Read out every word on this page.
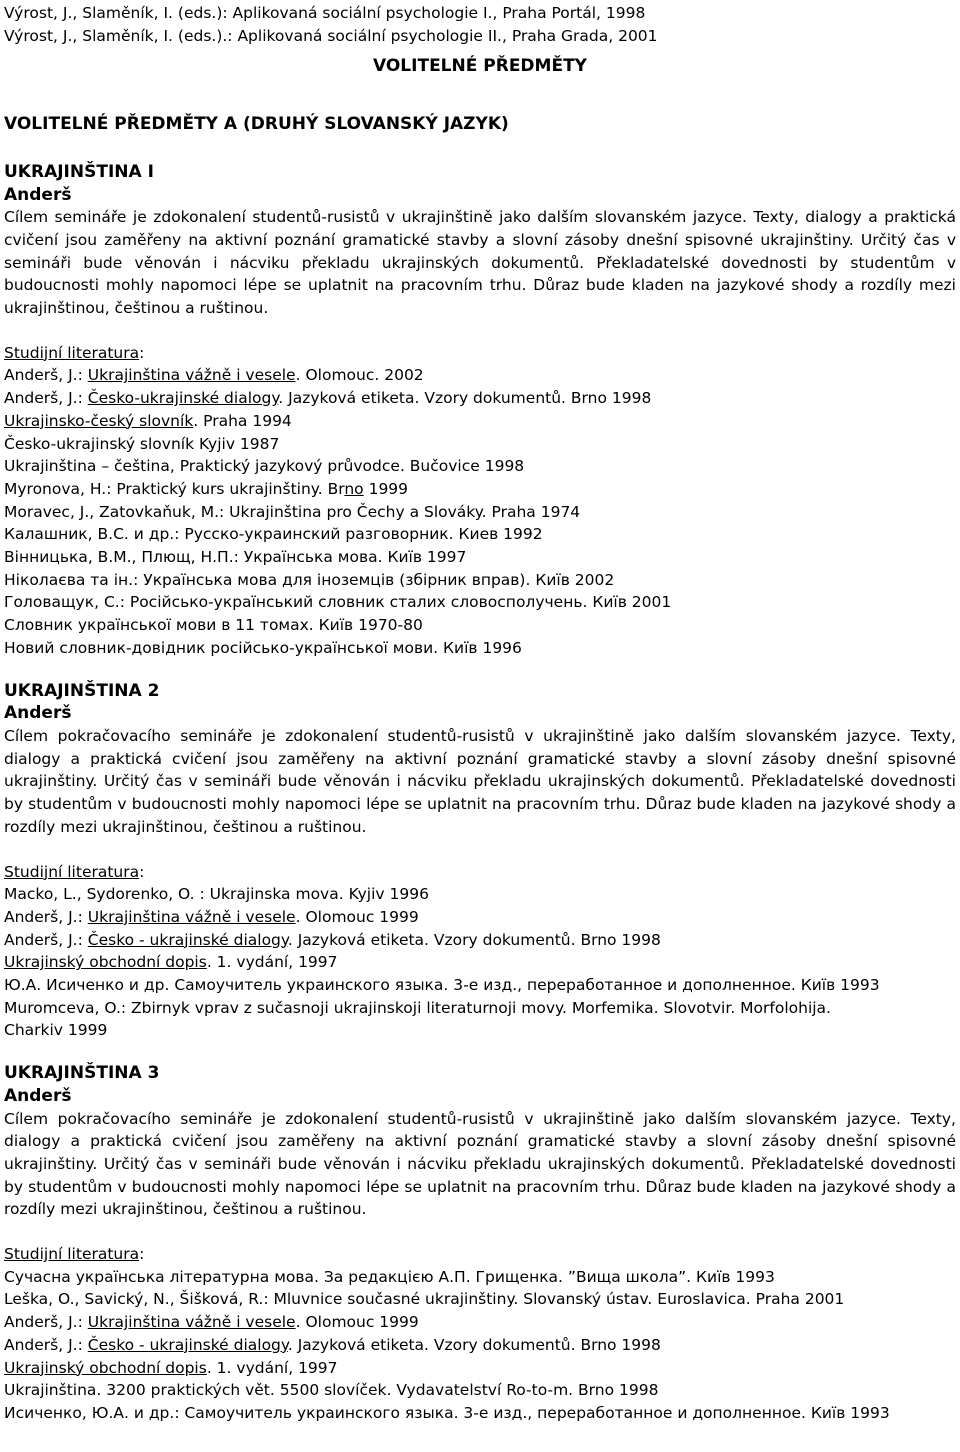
Výrost, J., Slaměník, I. (eds.): Aplikovaná sociální psychologie I., Praha Portál, 1998
Výrost, J., Slaměník, I. (eds.).: Aplikovaná sociální psychologie II., Praha Grada, 2001
VOLITELNÉ PŘEDMĚTY
VOLITELNÉ PŘEDMĚTY A (DRUHÝ SLOVANSKÝ JAZYK)
UKRAJINŠTINA I
Anderš
Cílem semináře je zdokonalení studentů-rusistů v ukrajinštině jako dalším slovanském jazyce. Texty, dialogy a praktická cvičení jsou zaměřeny na aktivní poznání gramatické stavby a slovní zásoby dnešní spisovné ukrajinštiny. Určitý čas v semináři bude věnován i nácviku překladu ukrajinských dokumentů. Překladatelské dovednosti by studentům v budoucnosti mohly napomoci lépe se uplatnit na pracovním trhu. Důraz bude kladen na jazykové shody a rozdíly mezi ukrajinštinou, češtinou a ruštinou.
Studijní literatura:
Anderš, J.: Ukrajinština vážně i vesele. Olomouc. 2002
Anderš, J.: Česko-ukrajinské dialogy. Jazyková etiketa. Vzory dokumentů. Brno 1998
Ukrajinsko-český slovník. Praha 1994
Česko-ukrajinský slovník Kyjiv 1987
Ukrajinština – čeština, Praktický jazykový průvodce. Bučovice 1998
Myronova, H.: Praktický kurs ukrajinštiny. Brno 1999
Moravec, J., Zatovkaňuk, M.: Ukrajinština pro Čechy a Slováky. Praha 1974
Калашник, В.С. и др.: Русско-украинский разговорник. Киев 1992
Вінницька, В.М., Плющ, Н.П.: Українська мова. Київ 1997
Ніколаєва та ін.: Українська мова для іноземців (збірник вправ). Київ 2002
Головащук, С.: Російсько-український словник сталих словосполучень. Київ 2001
Словник української мови в 11 томах. Київ 1970-80
Новий словник-довідник російсько-української мови. Київ 1996
UKRAJINŠTINA 2
Anderš
Cílem pokračovacího semináře je zdokonalení studentů-rusistů v ukrajinštině jako dalším slovanském jazyce. Texty, dialogy a praktická cvičení jsou zaměřeny na aktivní poznání gramatické stavby a slovní zásoby dnešní spisovné ukrajinštiny. Určitý čas v semináři bude věnován i nácviku překladu ukrajinských dokumentů. Překladatelské dovednosti by studentům v budoucnosti mohly napomoci lépe se uplatnit na pracovním trhu. Důraz bude kladen na jazykové shody a rozdíly mezi ukrajinštinou, češtinou a ruštinou.
Studijní literatura:
Macko, L., Sydorenko, O. : Ukrajinska mova. Kyjiv 1996
Anderš, J.: Ukrajinština vážně i vesele. Olomouc 1999
Anderš, J.: Česko - ukrajinské dialogy. Jazyková etiketa. Vzory dokumentů. Brno 1998
Ukrajinský obchodní dopis. 1. vydání, 1997
Ю.А. Исиченко и др. Самоучитель украинского языка. 3-е изд., переработанное и дополненное. Київ 1993
Muromceva, O.: Zbirnyk vprav z sučasnoji ukrajinskoji literaturnoji movy. Morfemika. Slovotvir. Morfolohija.
Charkiv 1999
UKRAJINŠTINA 3
Anderš
Cílem pokračovacího semináře je zdokonalení studentů-rusistů v ukrajinštině jako dalším slovanském jazyce. Texty, dialogy a praktická cvičení jsou zaměřeny na aktivní poznání gramatické stavby a slovní zásoby dnešní spisovné ukrajinštiny. Určitý čas v semináři bude věnován i nácviku překladu ukrajinských dokumentů. Překladatelské dovednosti by studentům v budoucnosti mohly napomoci lépe se uplatnit na pracovním trhu. Důraz bude kladen na jazykové shody a rozdíly mezi ukrajinštinou, češtinou a ruštinou.
Studijní literatura:
Сучасна українська літературна мова. За редакцією А.П. Грищенка. ˮВища школа”. Київ 1993
Leška, O., Savický, N., Šišková, R.: Mluvnice současné ukrajinštiny. Slovanský ústav. Euroslavica. Praha 2001
Anderš, J.: Ukrajinština vážně i vesele. Olomouc 1999
Anderš, J.: Česko - ukrajinské dialogy. Jazyková etiketa. Vzory dokumentů. Brno 1998
Ukrajinský obchodní dopis. 1. vydání, 1997
Ukrajinština. 3200 praktických vět. 5500 slovíček. Vydavatelství Ro-to-m. Brno 1998
Исиченко, Ю.А. и др.: Самоучитель украинского языка. 3-е изд., переработанное и дополненное. Київ 1993
